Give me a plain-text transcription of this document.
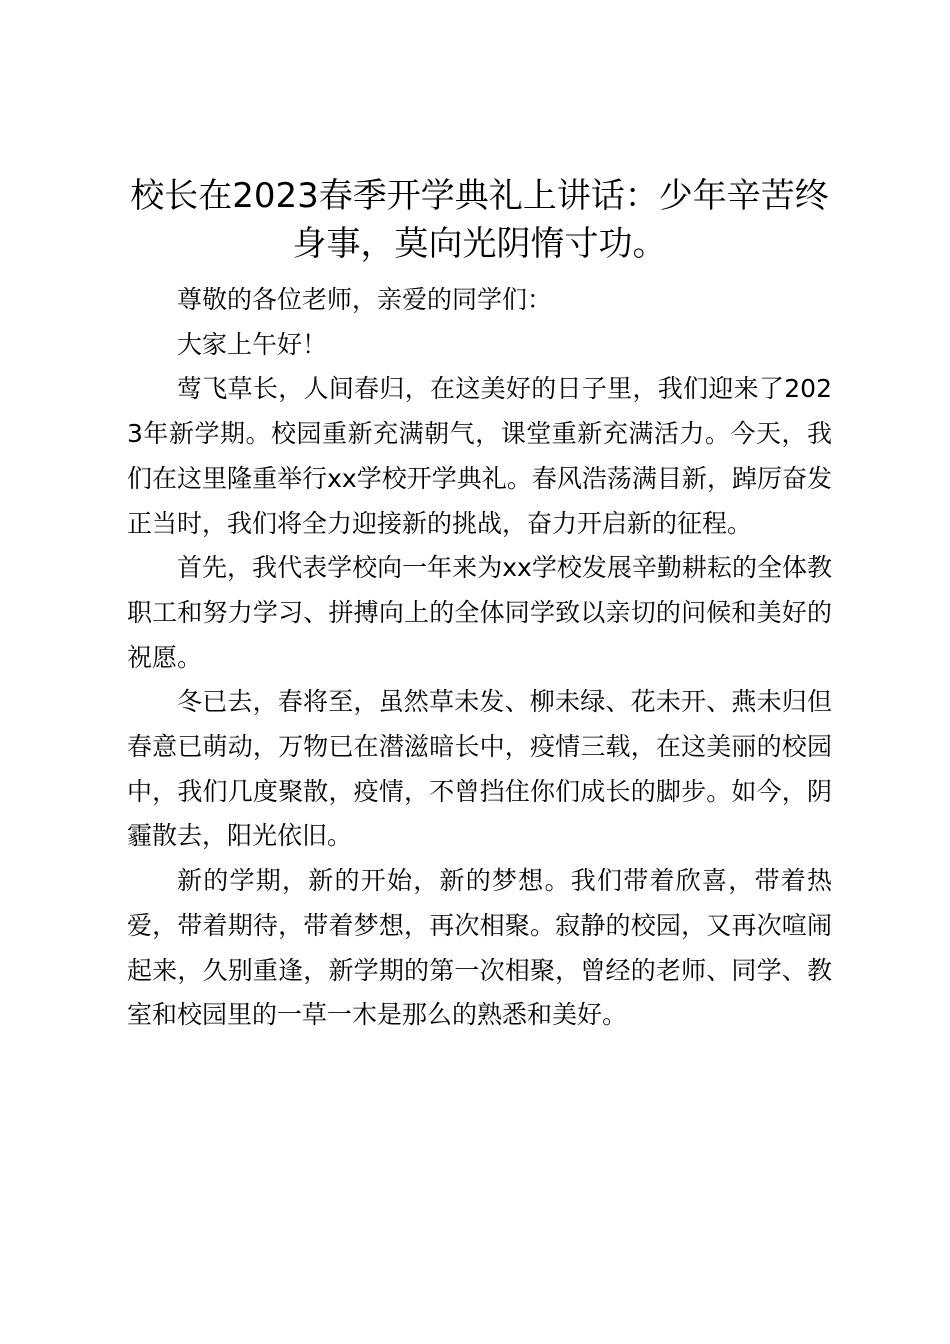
校长在2023春季开学典礼上讲话：少年辛苦终身事，莫向光阴惰寸功。

尊敬的各位老师，亲爱的同学们：

大家上午好！

莺飞草长，人间春归，在这美好的日子里，我们迎来了2023年新学期。校园重新充满朝气，课堂重新充满活力。今天，我们在这里隆重举行xx学校开学典礼。春风浩荡满目新，踔厉奋发正当时，我们将全力迎接新的挑战，奋力开启新的征程。

首先，我代表学校向一年来为xx学校发展辛勤耕耘的全体教职工和努力学习、拼搏向上的全体同学致以亲切的问候和美好的祝愿。

冬已去，春将至，虽然草未发、柳未绿、花未开、燕未归但春意已萌动，万物已在潜滋暗长中，疫情三载，在这美丽的校园中，我们几度聚散，疫情，不曾挡住你们成长的脚步。如今，阴霾散去，阳光依旧。

新的学期，新的开始，新的梦想。我们带着欣喜，带着热爱，带着期待，带着梦想，再次相聚。寂静的校园，又再次喧闹起来，久别重逢，新学期的第一次相聚，曾经的老师、同学、教室和校园里的一草一木是那么的熟悉和美好。
